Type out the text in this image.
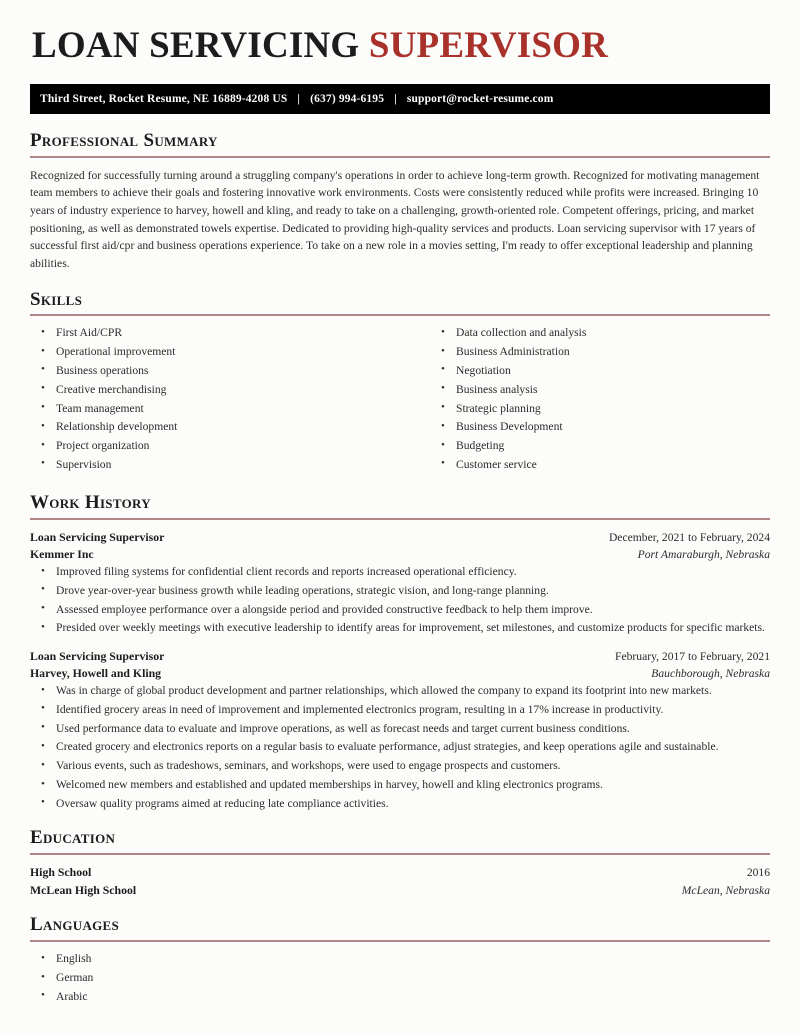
LOAN SERVICING SUPERVISOR
Third Street, Rocket Resume, NE 16889-4208 US | (637) 994-6195 | support@rocket-resume.com
Professional Summary

Recognized for successfully turning around a struggling company's operations in order to achieve long-term growth. Recognized for motivating management team members to achieve their goals and fostering innovative work environments. Costs were consistently reduced while profits were increased. Bringing 10 years of industry experience to harvey, howell and kling, and ready to take on a challenging, growth-oriented role. Competent offerings, pricing, and market positioning, as well as demonstrated towels expertise. Dedicated to providing high-quality services and products. Loan servicing supervisor with 17 years of successful first aid/cpr and business operations experience. To take on a new role in a movies setting, I'm ready to offer exceptional leadership and planning abilities.

Skills
• First Aid/CPR
• Operational improvement
• Business operations
• Creative merchandising
• Team management
• Relationship development
• Project organization
• Supervision
• Data collection and analysis
• Business Administration
• Negotiation
• Business analysis
• Strategic planning
• Business Development
• Budgeting
• Customer service
Work History
Loan Servicing Supervisor	December, 2021 to February, 2024
Kemmer Inc	Port Amaraburgh, Nebraska
• Improved filing systems for confidential client records and reports increased operational efficiency.
• Drove year-over-year business growth while leading operations, strategic vision, and long-range planning.
• Assessed employee performance over a alongside period and provided constructive feedback to help them improve.
• Presided over weekly meetings with executive leadership to identify areas for improvement, set milestones, and customize products for specific markets.
Loan Servicing Supervisor	February, 2017 to February, 2021
Harvey, Howell and Kling	Bauchborough, Nebraska
• Was in charge of global product development and partner relationships, which allowed the company to expand its footprint into new markets.
• Identified grocery areas in need of improvement and implemented electronics program, resulting in a 17% increase in productivity.
• Used performance data to evaluate and improve operations, as well as forecast needs and target current business conditions.
• Created grocery and electronics reports on a regular basis to evaluate performance, adjust strategies, and keep operations agile and sustainable.
• Various events, such as tradeshows, seminars, and workshops, were used to engage prospects and customers.
• Welcomed new members and established and updated memberships in harvey, howell and kling electronics programs.
• Oversaw quality programs aimed at reducing late compliance activities.
Education
High School	2016
McLean High School	McLean, Nebraska
Languages
• English
• German
• Arabic
